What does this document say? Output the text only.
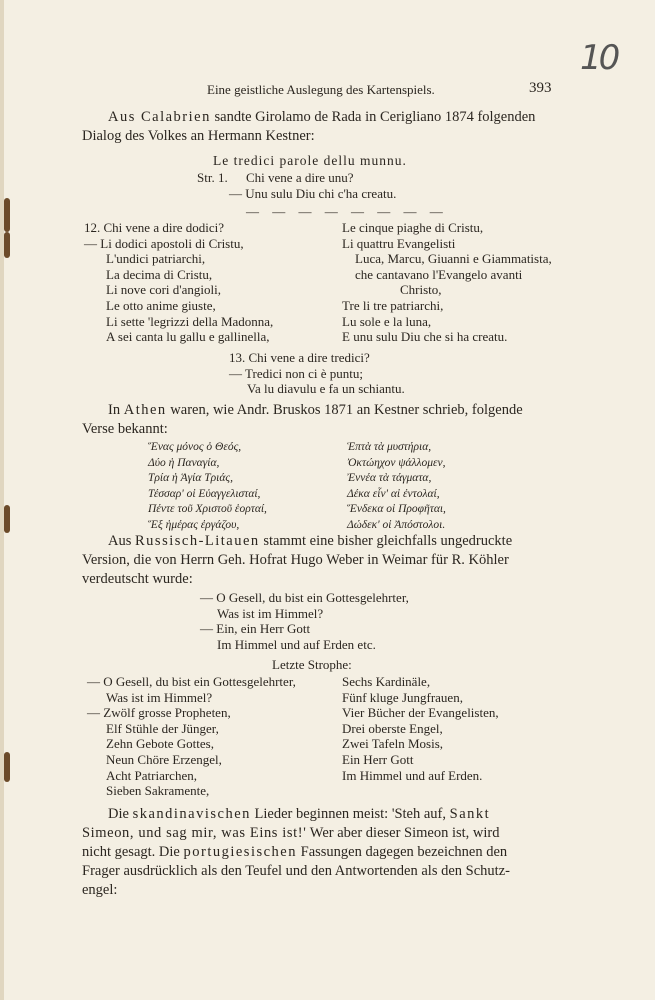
10
Eine geistliche Auslegung des Kartenspiels.	393
Aus Calabrien sandte Girolamo de Rada in Cerigliano 1874 folgenden
Dialog des Volkes an Hermann Kestner:
Le tredici parole dellu munnu.
Str. 1. Chi vene a dire unu?
— Unu sulu Diu chi c'ha creatu.
— — — — — — — —
12. Chi vene a dire dodici?
— Li dodici apostoli di Cristu,
L'undici patriarchi,
La decima di Cristu,
Li nove cori d'angioli,
Le otto anime giuste,
Li sette 'legrizzi della Madonna,
A sei canta lu gallu e gallinella,
Le cinque piaghe di Cristu,
Li quattru Evangelisti
Luca, Marcu, Giuanni e Giammatista,
che cantavano l'Evangelo avanti
Christo,
Tre li tre patriarchi,
Lu sole e la luna,
E unu sulu Diu che si ha creatu.
13. Chi vene a dire tredici?
— Tredici non ci è puntu;
Va lu diavulu e fa un schiantu.
In Athen waren, wie Andr. Bruskos 1871 an Kestner schrieb, folgende
Verse bekannt:
Ἕνας μόνος ὁ Θεός,
Δύο ἡ Παναγία,
Τρία ἡ Ἁγία Τριάς,
Τέσσαρ' οἱ Εὐαγγελισταί,
Πέντε τοῦ Χριστοῦ ἑορταί,
Ἕξ ἡμέρας ἐργάζου,
Ἑπτὰ τὰ μυστήρια,
Ὀκτώηχον ψάλλομεν,
Ἐννέα τὰ τάγματα,
Δέκα εἶν' αἱ ἐντολαί,
Ἕνδεκα οἱ Προφῆται,
Δώδεκ' οἱ Ἀπόστολοι.
Aus Russisch-Litauen stammt eine bisher gleichfalls ungedruckte
Version, die von Herrn Geh. Hofrat Hugo Weber in Weimar für R. Köhler
verdeutscht wurde:
— O Gesell, du bist ein Gottesgelehrter,
Was ist im Himmel?
— Ein, ein Herr Gott
Im Himmel und auf Erden etc.
Letzte Strophe:
— O Gesell, du bist ein Gottesgelehrter,
Was ist im Himmel?
— Zwölf grosse Propheten,
Elf Stühle der Jünger,
Zehn Gebote Gottes,
Neun Chöre Erzengel,
Acht Patriarchen,
Sieben Sakramente,
Sechs Kardinäle,
Fünf kluge Jungfrauen,
Vier Bücher der Evangelisten,
Drei oberste Engel,
Zwei Tafeln Mosis,
Ein Herr Gott
Im Himmel und auf Erden.
Die skandinavischen Lieder beginnen meist: 'Steh auf, Sankt
Simeon, und sag mir, was Eins ist!' Wer aber dieser Simeon ist, wird
nicht gesagt. Die portugiesischen Fassungen dagegen bezeichnen den
Frager ausdrücklich als den Teufel und den Antwortenden als den Schutz-
engel:
